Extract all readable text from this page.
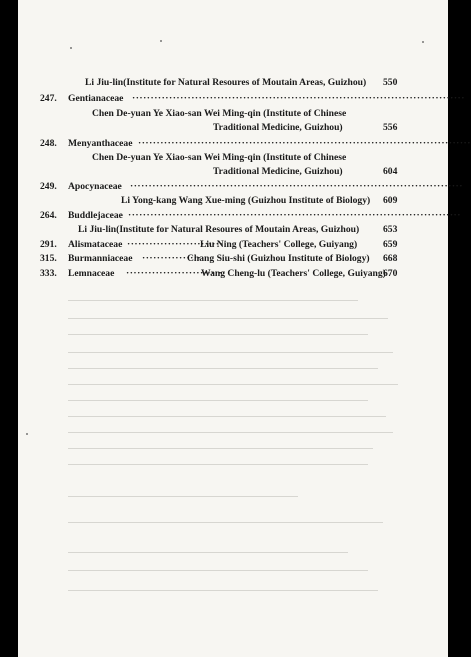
Li Jiu-lin(Institute for Natural Resoures of Moutain Areas, Guizhou) 550
247.	Gentianaceae ··························································································
Chen De-yuan Ye Xiao-san Wei Ming-qin (Institute of Chinese
Traditional Medicine, Guizhou)	556
248.	Menyanthaceae ··························································································
Chen De-yuan Ye Xiao-san Wei Ming-qin (Institute of Chinese
Traditional Medicine, Guizhou)	604
249.	Apocynaceae ··························································································
Li Yong-kang Wang Xue-ming (Guizhou Institute of Biology) 609
264.	Buddlejaceae ··························································································
Li Jiu-lin(Institute for Natural Resoures of Moutain Areas, Guizhou) 653
291.	Alismataceae ··························
Liu Ning (Teachers' College, Guiyang)	659
315.	Burmanniaceae ················
Chang Siu-shi (Guizhou Institute of Biology) 668
333.	Lemnaceae ···························
Wang Cheng-lu (Teachers' College, Guiyang)
670
